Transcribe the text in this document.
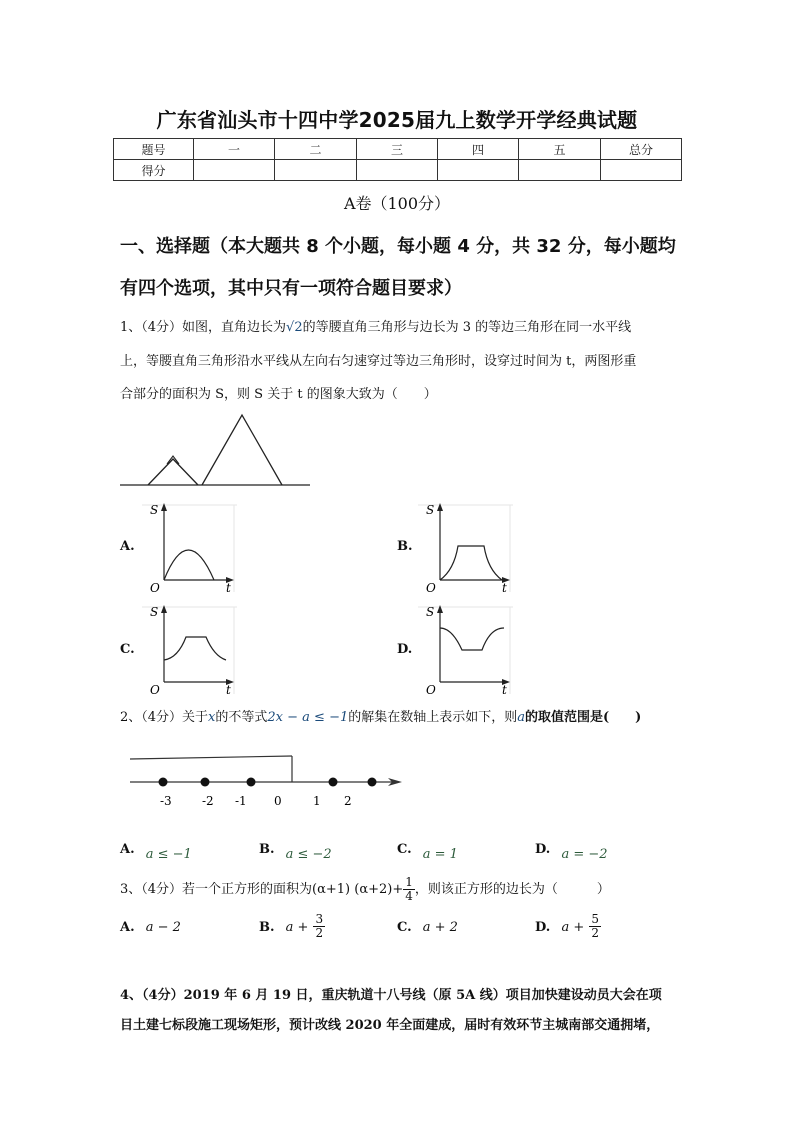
广东省汕头市十四中学2025届九上数学开学经典试题
题号	一	二	三	四	五	总分
得分						
A卷（100分）
一、选择题（本大题共 8 个小题，每小题 4 分，共 32 分，每小题均
有四个选项，其中只有一项符合题目要求）
1、（4分）如图，直角边长为√2的等腰直角三角形与边长为 3 的等边三角形在同一水平线
上，等腰直角三角形沿水平线从左向右匀速穿过等边三角形时，设穿过时间为 t，两图形重
合部分的面积为 S，则 S 关于 t 的图象大致为（　　）
A.
S
t
O
B.
S
t
O
C.
S
t
O
D.
S
t
O
2、（4分）关于x的不等式2x − a ≤ −1的解集在数轴上表示如下，则a的取值范围是(　　)
-3	-2 -1 0	1 2
A. $_{a \le -1}$	B. $_{a \le -2}$	C. $_{a = 1}$	D. $_{a = -2}$
3、（4分）若一个正方形的面积为(α+1) $(\alpha+2)+ \frac{1}{4}$ ，则该正方形的边长为（　　　）
A. a − 2	B. $a + \frac{3}{2}$	C. a + 2	D. $a + \frac{5}{2}$
4、（4分）2019 年 6 月 19 日，重庆轨道十八号线（原 5A 线）项目加快建设动员大会在项
目土建七标段施工现场矩形，预计改线 2020 年全面建成，届时有效环节主城南部交通拥堵，
